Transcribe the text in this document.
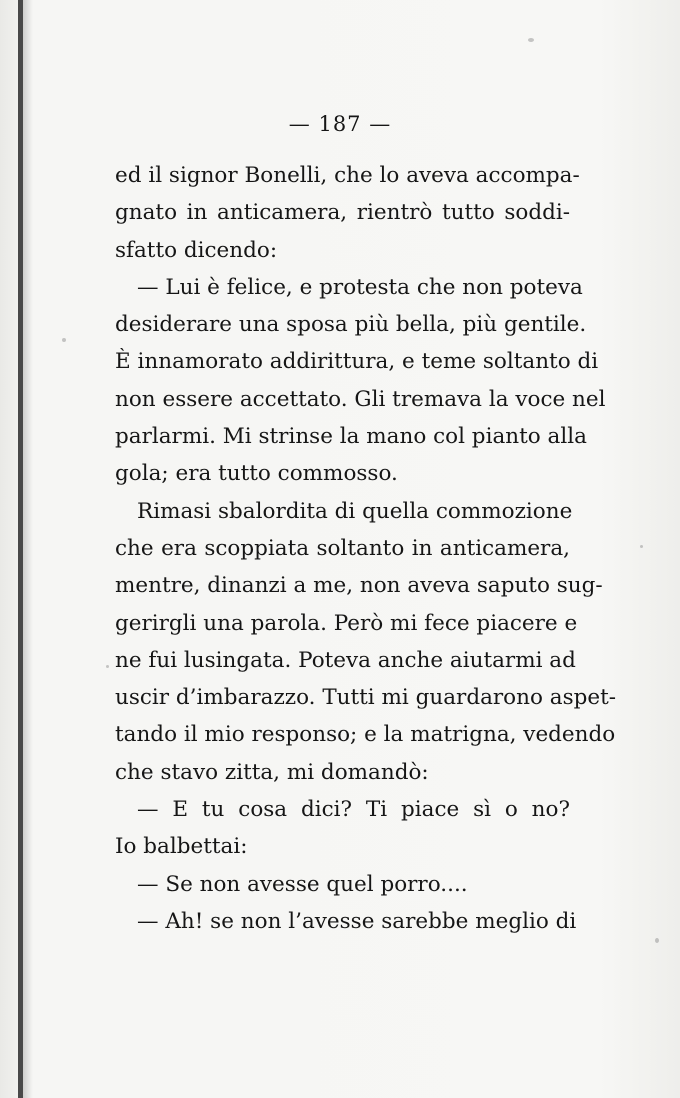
— 187 —

ed il signor Bonelli, che lo aveva accompa-

gnato in anticamera, rientrò tutto soddi-

sfatto dicendo:

— Lui è felice, e protesta che non poteva

desiderare una sposa più bella, più gentile.

È innamorato addirittura, e teme soltanto di

non essere accettato. Gli tremava la voce nel

parlarmi. Mi strinse la mano col pianto alla

gola; era tutto commosso.

Rimasi sbalordita di quella commozione

che era scoppiata soltanto in anticamera,

mentre, dinanzi a me, non aveva saputo sug-

gerirgli una parola. Però mi fece piacere e

ne fui lusingata. Poteva anche aiutarmi ad

uscir d’imbarazzo. Tutti mi guardarono aspet-

tando il mio responso; e la matrigna, vedendo

che stavo zitta, mi domandò:

— E tu cosa dici? Ti piace sì o no?

Io balbettai:

— Se non avesse quel porro....

— Ah! se non l’avesse sarebbe meglio di
